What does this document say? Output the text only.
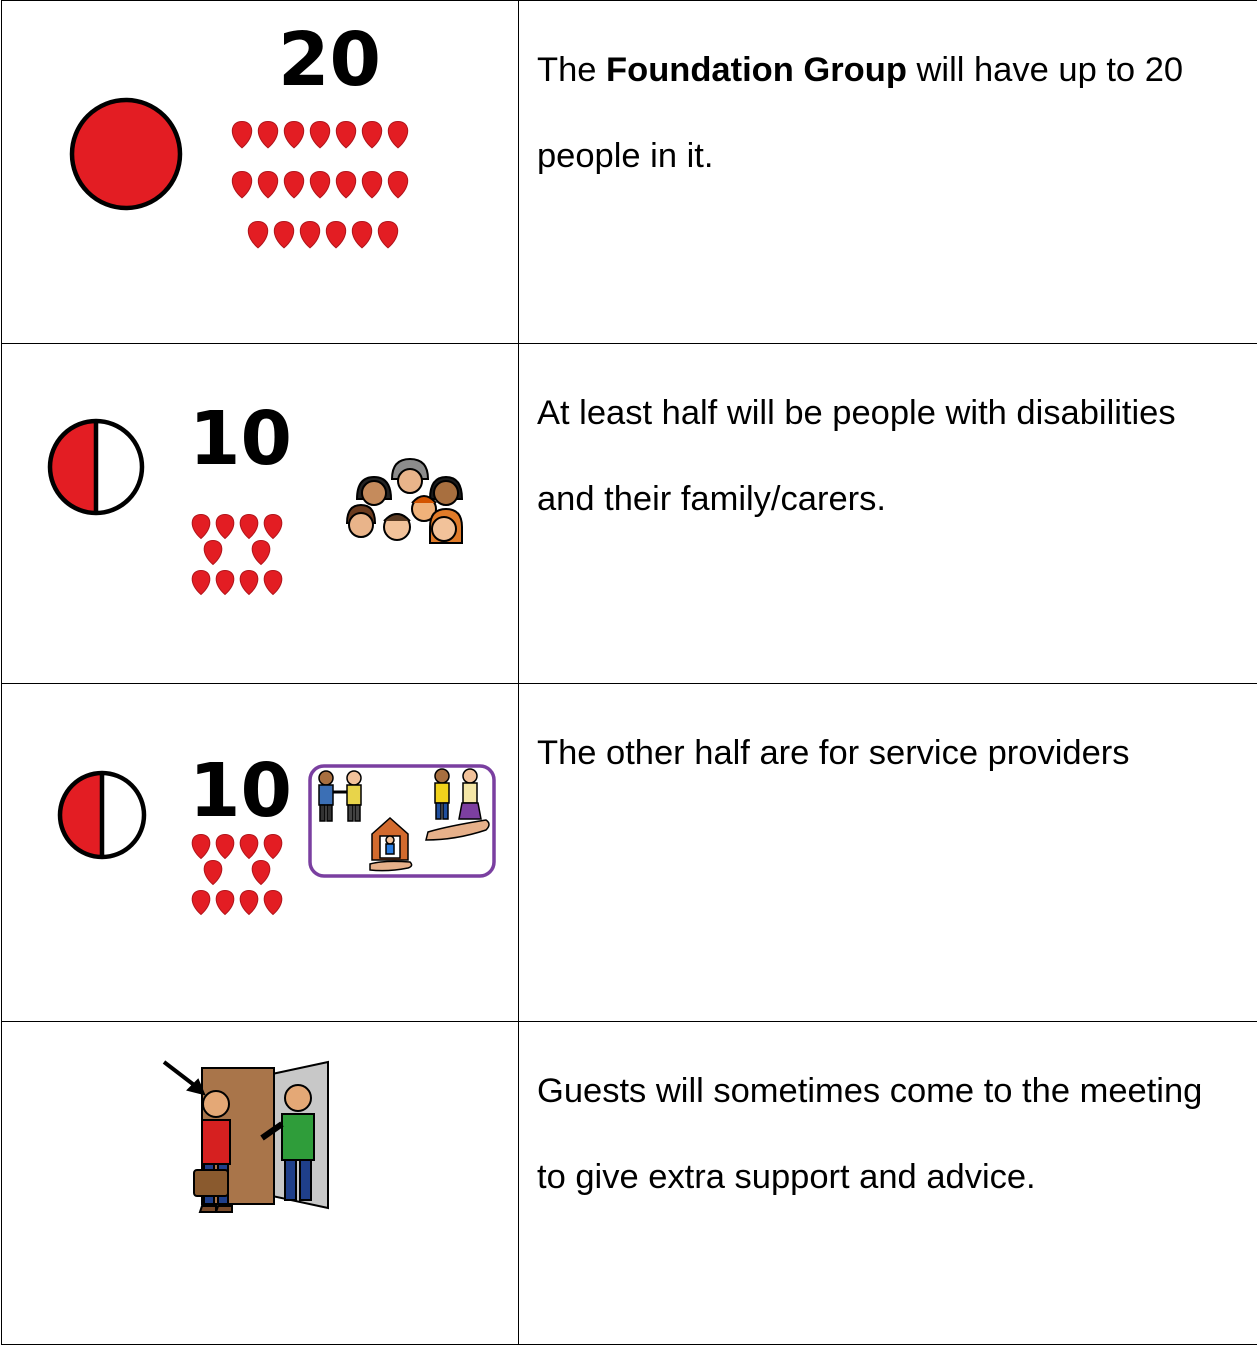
20	The Foundation Group will have up to 20 people in it.

10	At least half will be people with disabilities and their family/carers.

10	The other half are for service providers

Guests will sometimes come to the meeting to give extra support and advice.
